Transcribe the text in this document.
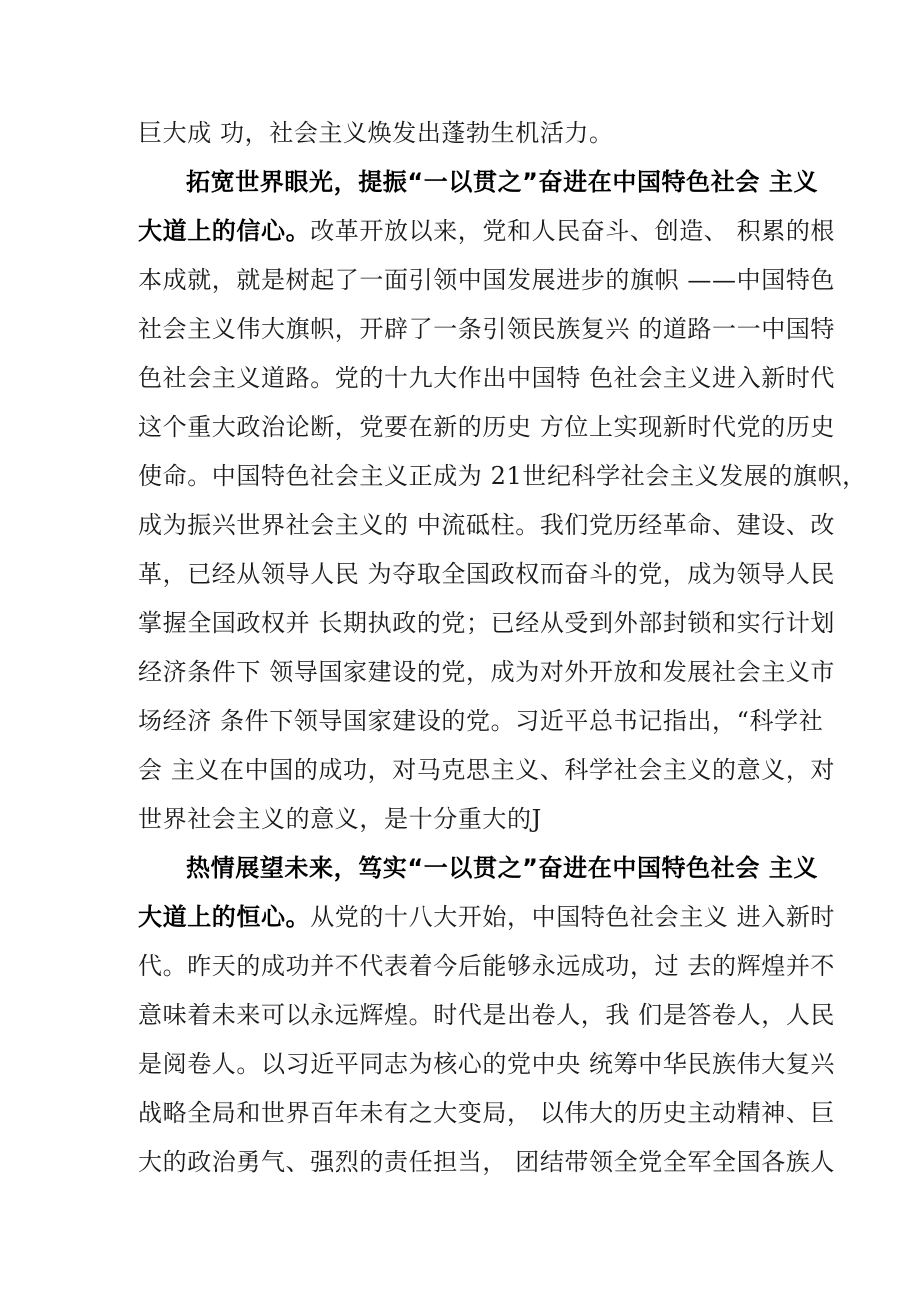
巨大成 功，社会主义焕发出蓬勃生机活力。
拓宽世界眼光，提振“一以贯之”奋进在中国特色社会 主义
大道上的信心。改革开放以来，党和人民奋斗、创造、 积累的根
本成就，就是树起了一面引领中国发展进步的旗帜 ——中国特色
社会主义伟大旗帜，开辟了一条引领民族复兴 的道路一一中国特
色社会主义道路。党的十九大作出中国特 色社会主义进入新时代
这个重大政治论断，党要在新的历史 方位上实现新时代党的历史
使命。中国特色社会主义正成为 21世纪科学社会主义发展的旗帜，
成为振兴世界社会主义的 中流砥柱。我们党历经革命、建设、改
革，已经从领导人民 为夺取全国政权而奋斗的党，成为领导人民
掌握全国政权并 长期执政的党；已经从受到外部封锁和实行计划
经济条件下 领导国家建设的党，成为对外开放和发展社会主义市
场经济 条件下领导国家建设的党。习近平总书记指出，“科学社
会 主义在中国的成功，对马克思主义、科学社会主义的意义，对
世界社会主义的意义，是十分重大的J
热情展望未来，笃实“一以贯之”奋进在中国特色社会 主义
大道上的恒心。从党的十八大开始，中国特色社会主义 进入新时
代。昨天的成功并不代表着今后能够永远成功，过 去的辉煌并不
意味着未来可以永远辉煌。时代是出卷人，我 们是答卷人，人民
是阅卷人。以习近平同志为核心的党中央 统筹中华民族伟大复兴
战略全局和世界百年未有之大变局， 以伟大的历史主动精神、巨
大的政治勇气、强烈的责任担当， 团结带领全党全军全国各族人
